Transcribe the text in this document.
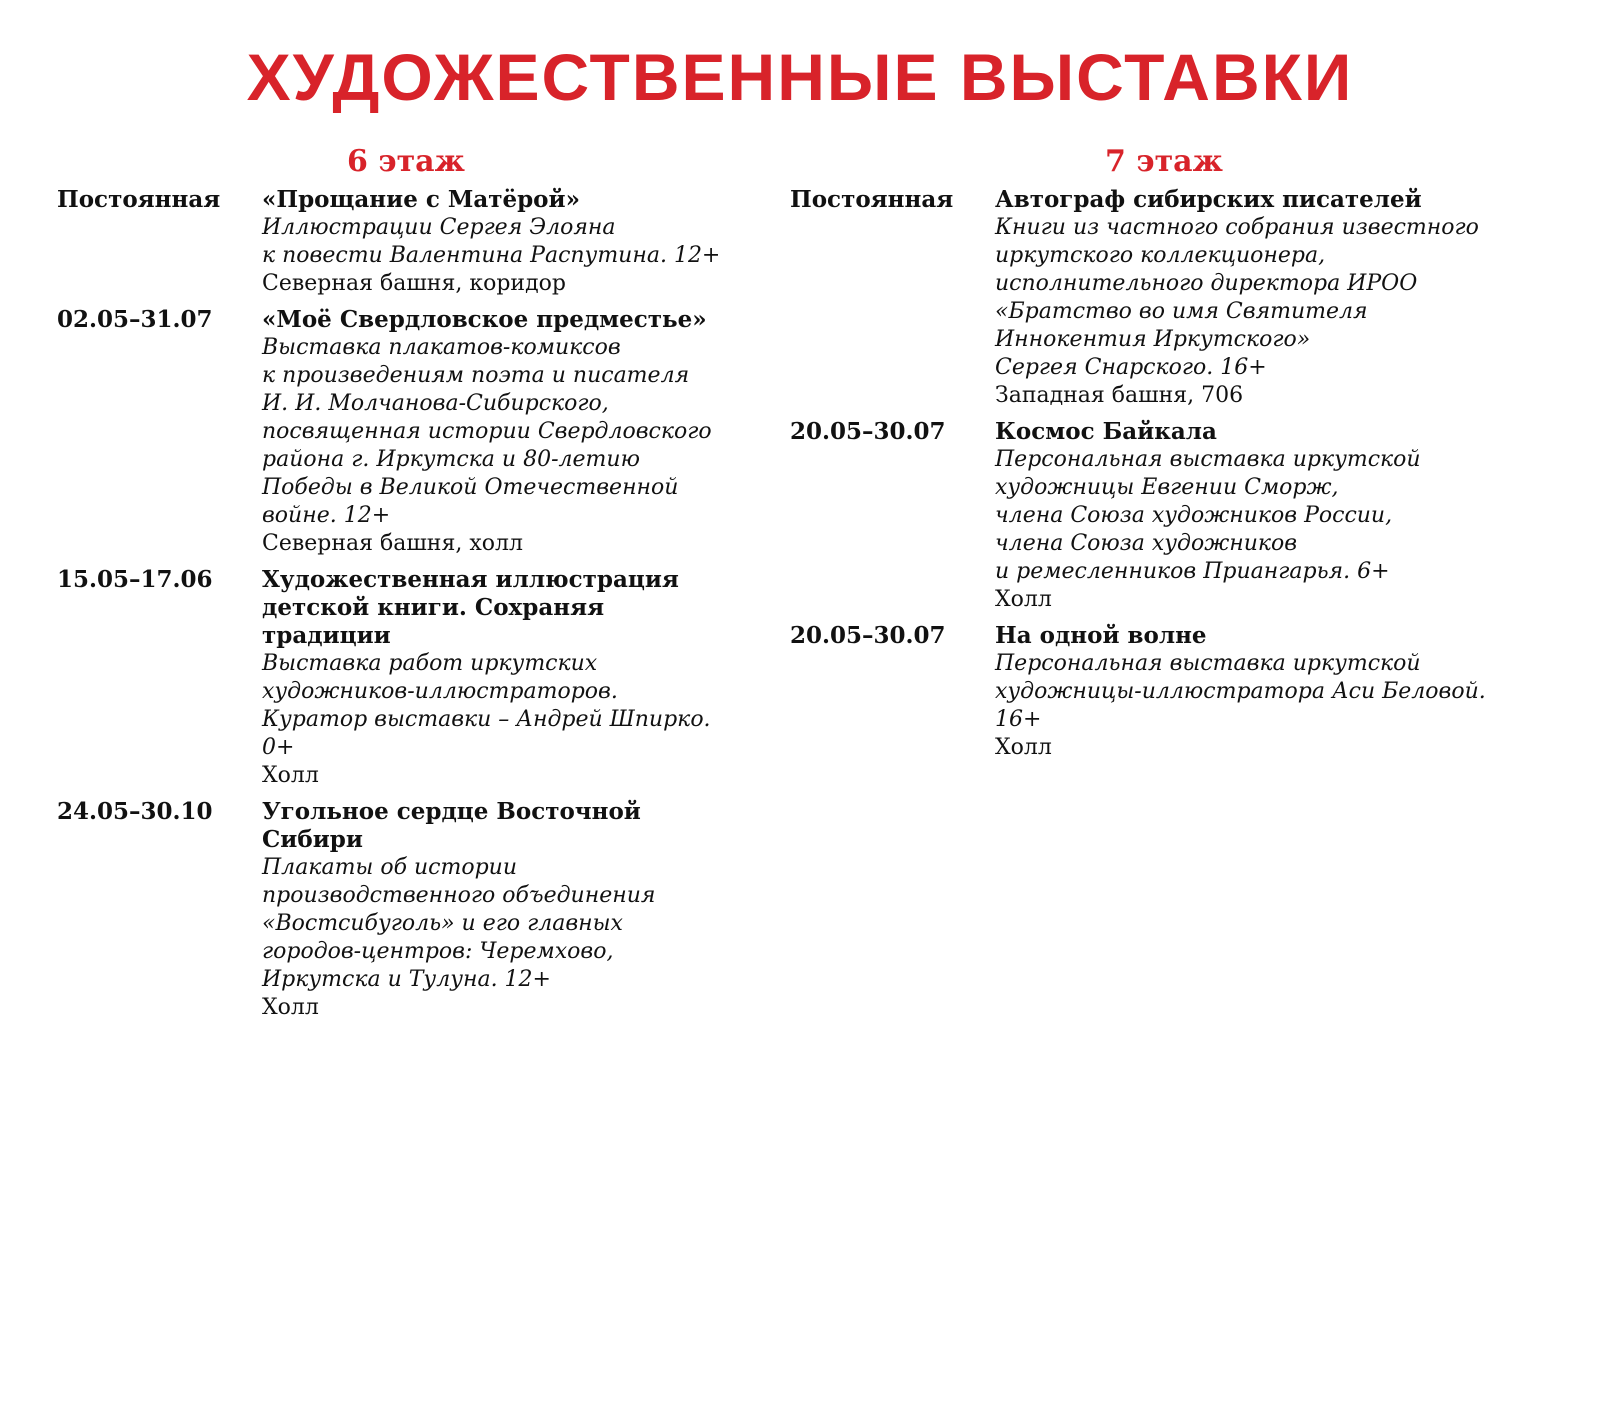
ХУДОЖЕСТВЕННЫЕ ВЫСТАВКИ
6 этаж
Постоянная	«Прощание с Матёрой»
Иллюстрации Сергея Элояна
к повести Валентина Распутина. 12+
Северная башня, коридор
02.05–31.07	«Моё Свердловское предместье»
Выставка плакатов-комиксов
к произведениям поэта и писателя
И. И. Молчанова-Сибирского,
посвященная истории Свердловского
района г. Иркутска и 80-летию
Победы в Великой Отечественной
войне. 12+
Северная башня, холл
15.05–17.06	Художественная иллюстрация
детской книги. Сохраняя
традиции
Выставка работ иркутских
художников-иллюстраторов.
Куратор выставки – Андрей Шпирко.
0+
Холл
24.05–30.10	Угольное сердце Восточной
Сибири
Плакаты об истории
производственного объединения
«Востсибуголь» и его главных
городов-центров: Черемхово,
Иркутска и Тулуна. 12+
Холл
7 этаж
Постоянная	Автограф сибирских писателей
Книги из частного собрания известного
иркутского коллекционера,
исполнительного директора ИРОО
«Братство во имя Святителя
Иннокентия Иркутского»
Сергея Снарского. 16+
Западная башня, 706
20.05–30.07	Космос Байкала
Персональная выставка иркутской
художницы Евгении Сморж,
члена Союза художников России,
члена Союза художников
и ремесленников Приангарья. 6+
Холл
20.05–30.07	На одной волне
Персональная выставка иркутской
художницы-иллюстратора Аси Беловой.
16+
Холл
